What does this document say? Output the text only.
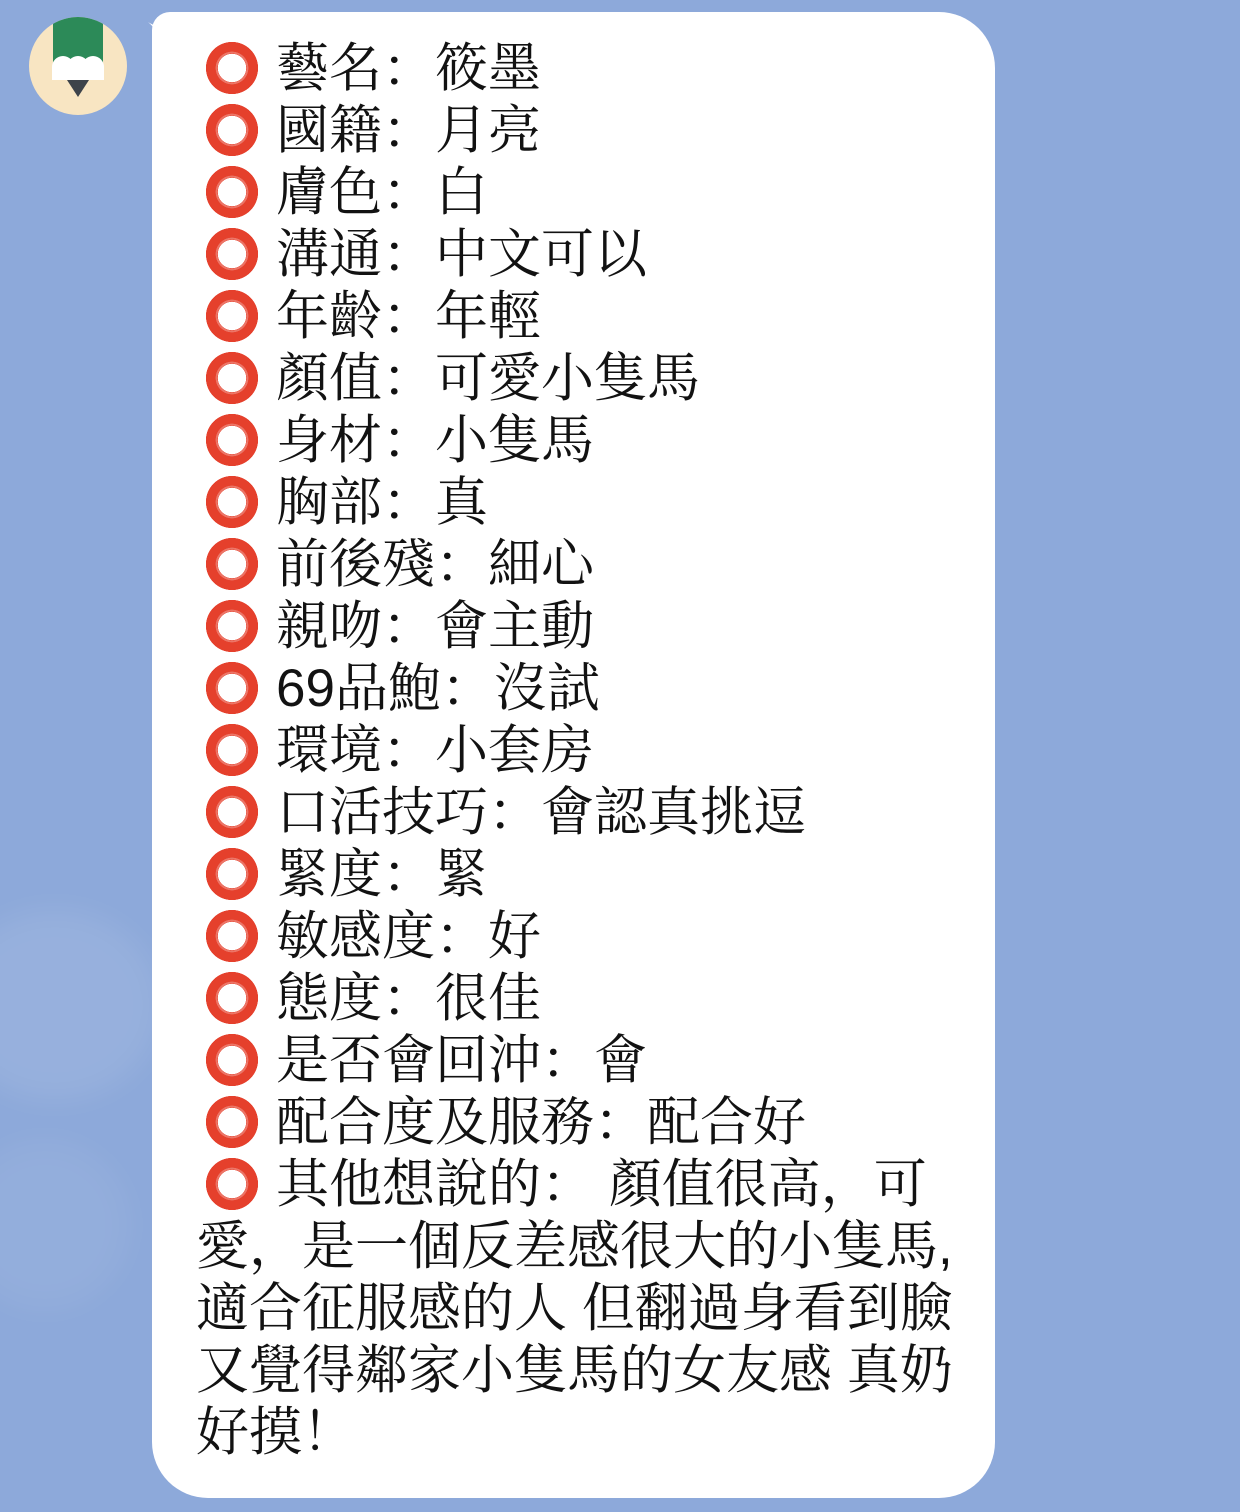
藝名：筱墨
國籍：月亮
膚色：白
溝通：中文可以
年齡：年輕
顏值：可愛小隻馬
身材：小隻馬
胸部：真
前後殘：細心
親吻：會主動
69品鮑：沒試
環境：小套房
口活技巧：會認真挑逗
緊度：緊
敏感度：好
態度：很佳
是否會回沖：會
配合度及服務：配合好
其他想說的： 顏值很高，可愛，是一個反差感很大的小隻馬, 適合征服感的人 但翻過身看到臉又覺得鄰家小隻馬的女友感 真奶好摸！
